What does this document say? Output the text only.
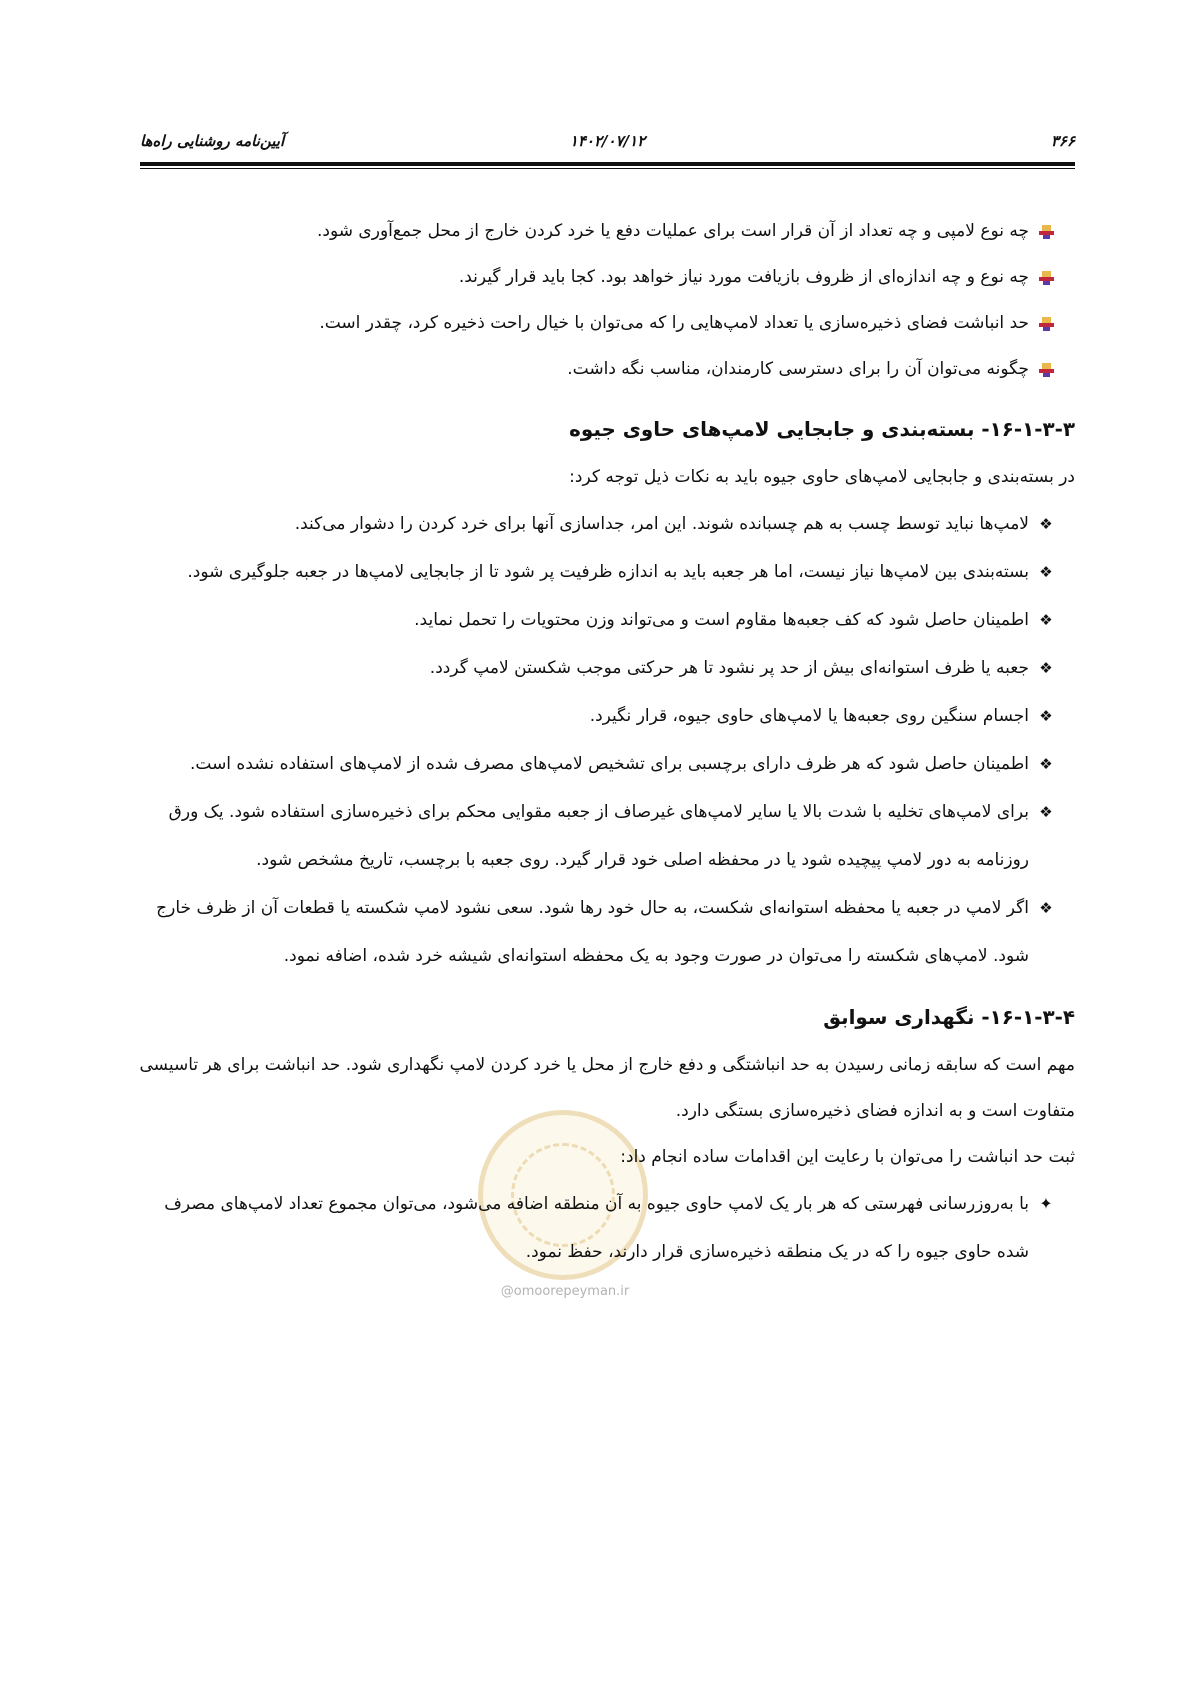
۳۶۶
۱۴۰۲/۰۷/۱۲
آیین‌نامه روشنایی راه‌ها
@omoorepeyman.ir

چه نوع لامپی و چه تعداد از آن قرار است برای عملیات دفع یا خرد کردن خارج از محل جمع‌آوری شود.

چه نوع و چه اندازه‌ای از ظروف بازیافت مورد نیاز خواهد بود. کجا باید قرار گیرند.

حد انباشت فضای ذخیره‌سازی یا تعداد لامپ‌هایی را که می‌توان با خیال راحت ذخیره کرد، چقدر است.

چگونه می‌توان آن را برای دسترسی کارمندان، مناسب نگه داشت.

۱۶-۱-۳-۳- بسته‌بندی و جابجایی لامپ‌های حاوی جیوه

در بسته‌بندی و جابجایی لامپ‌های حاوی جیوه باید به نکات ذیل توجه کرد:

❖
لامپ‌ها نباید توسط چسب به هم چسبانده شوند. این امر، جداسازی آنها برای خرد کردن را دشوار می‌کند.

❖
بسته‌بندی بین لامپ‌ها نیاز نیست، اما هر جعبه باید به اندازه ظرفیت پر شود تا از جابجایی لامپ‌ها در جعبه جلوگیری شود.

❖
اطمینان حاصل شود که کف جعبه‌ها مقاوم است و می‌تواند وزن محتویات را تحمل نماید.

❖
جعبه یا ظرف استوانه‌ای بیش از حد پر نشود تا هر حرکتی موجب شکستن لامپ گردد.

❖
اجسام سنگین روی جعبه‌ها یا لامپ‌های حاوی جیوه، قرار نگیرد.

❖
اطمینان حاصل شود که هر ظرف دارای برچسبی برای تشخیص لامپ‌های مصرف شده از لامپ‌های استفاده نشده است.

❖
برای لامپ‌های تخلیه با شدت بالا یا سایر لامپ‌های غیرصاف از جعبه مقوایی محکم برای ذخیره‌سازی استفاده شود. یک ورق روزنامه به دور لامپ پیچیده شود یا در محفظه اصلی خود قرار گیرد. روی جعبه با برچسب، تاریخ مشخص شود.

❖
اگر لامپ در جعبه یا محفظه استوانه‌ای شکست، به حال خود رها شود. سعی نشود لامپ شکسته یا قطعات آن از ظرف خارج شود. لامپ‌های شکسته را می‌توان در صورت وجود به یک محفظه استوانه‌ای شیشه خرد شده، اضافه نمود.

۱۶-۱-۳-۴- نگهداری سوابق

مهم است که سابقه زمانی رسیدن به حد انباشتگی و دفع خارج از محل یا خرد کردن لامپ نگهداری شود. حد انباشت برای هر تاسیسی متفاوت است و به اندازه فضای ذخیره‌سازی بستگی دارد.

ثبت حد انباشت را می‌توان با رعایت این اقدامات ساده انجام داد:

✦
با به‌روزرسانی فهرستی که هر بار یک لامپ حاوی جیوه به آن منطقه اضافه می‌شود، می‌توان مجموع تعداد لامپ‌های مصرف شده حاوی جیوه را که در یک منطقه ذخیره‌سازی قرار دارند، حفظ نمود.
